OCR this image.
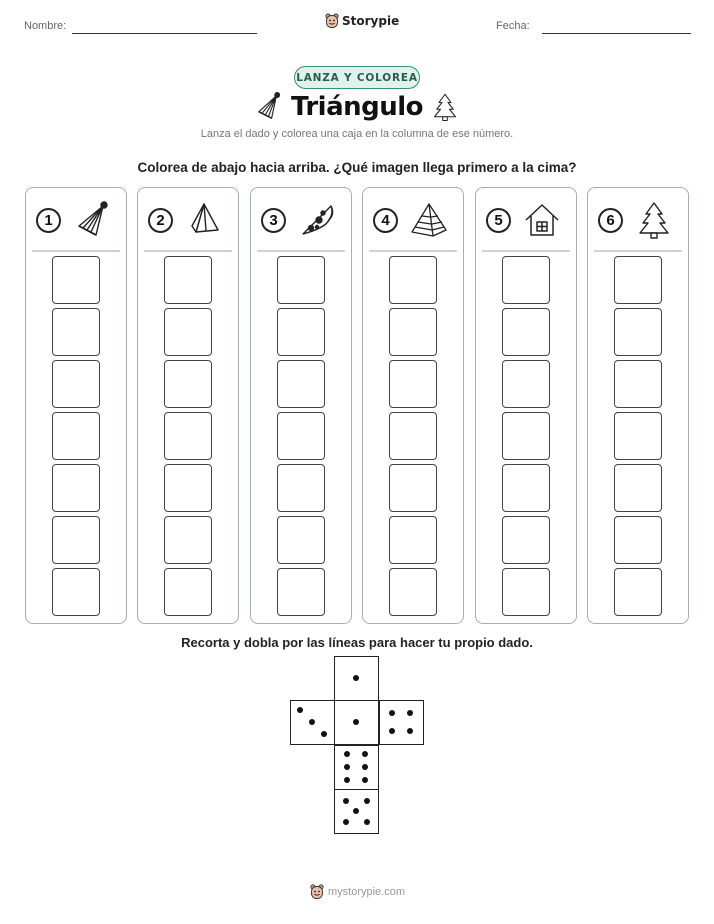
Nombre:	Storypie	Fecha:
LANZA Y COLOREA
Triángulo
Lanza el dado y colorea una caja en la columna de ese número.
Colorea de abajo hacia arriba. ¿Qué imagen llega primero a la cima?
1	2	3	4	5	6
Recorta y dobla por las líneas para hacer tu propio dado.
mystorypie.com
